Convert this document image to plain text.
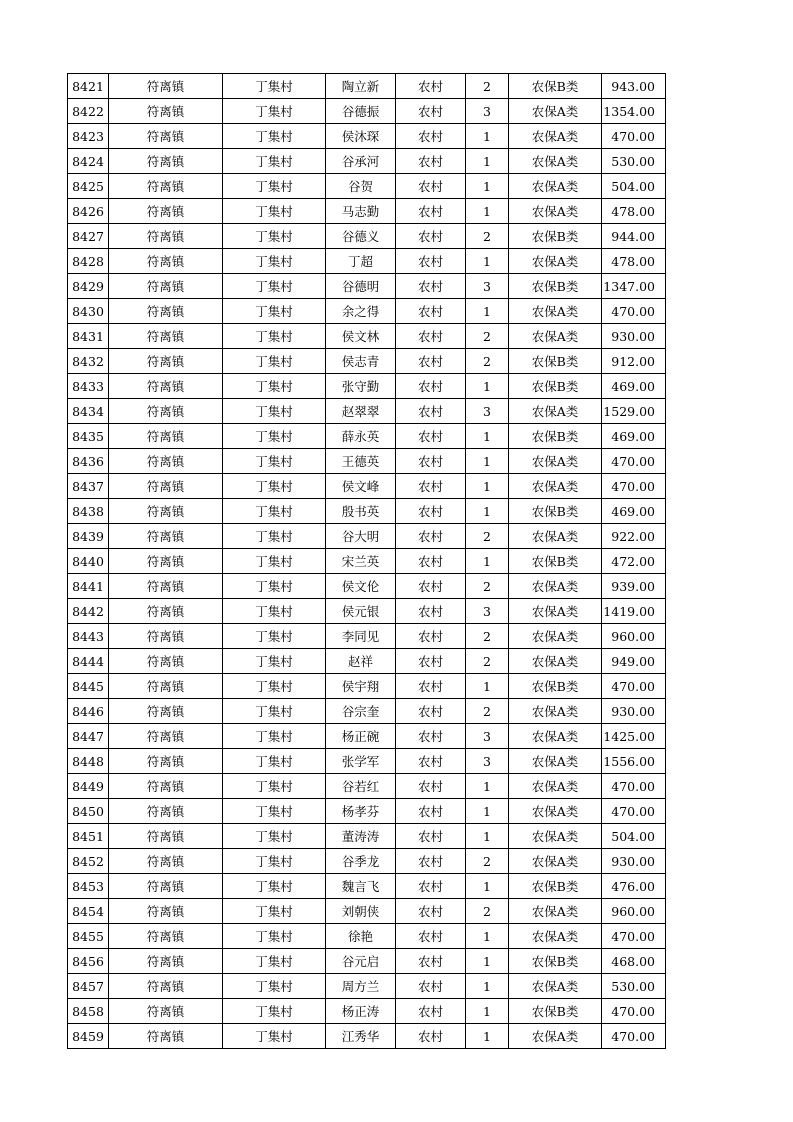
8421	符离镇	丁集村	陶立新	农村	2	农保B类	943.00
8422	符离镇	丁集村	谷德振	农村	3	农保A类	1354.00
8423	符离镇	丁集村	侯沐琛	农村	1	农保A类	470.00
8424	符离镇	丁集村	谷承河	农村	1	农保A类	530.00
8425	符离镇	丁集村	谷贺	农村	1	农保A类	504.00
8426	符离镇	丁集村	马志勤	农村	1	农保A类	478.00
8427	符离镇	丁集村	谷德义	农村	2	农保B类	944.00
8428	符离镇	丁集村	丁超	农村	1	农保A类	478.00
8429	符离镇	丁集村	谷德明	农村	3	农保B类	1347.00
8430	符离镇	丁集村	余之得	农村	1	农保A类	470.00
8431	符离镇	丁集村	侯文林	农村	2	农保A类	930.00
8432	符离镇	丁集村	侯志青	农村	2	农保B类	912.00
8433	符离镇	丁集村	张守勤	农村	1	农保B类	469.00
8434	符离镇	丁集村	赵翠翠	农村	3	农保A类	1529.00
8435	符离镇	丁集村	薛永英	农村	1	农保B类	469.00
8436	符离镇	丁集村	王德英	农村	1	农保A类	470.00
8437	符离镇	丁集村	侯文峰	农村	1	农保A类	470.00
8438	符离镇	丁集村	殷书英	农村	1	农保B类	469.00
8439	符离镇	丁集村	谷大明	农村	2	农保A类	922.00
8440	符离镇	丁集村	宋兰英	农村	1	农保B类	472.00
8441	符离镇	丁集村	侯文伦	农村	2	农保A类	939.00
8442	符离镇	丁集村	侯元银	农村	3	农保A类	1419.00
8443	符离镇	丁集村	李同见	农村	2	农保A类	960.00
8444	符离镇	丁集村	赵祥	农村	2	农保A类	949.00
8445	符离镇	丁集村	侯宇翔	农村	1	农保B类	470.00
8446	符离镇	丁集村	谷宗奎	农村	2	农保A类	930.00
8447	符离镇	丁集村	杨正碗	农村	3	农保A类	1425.00
8448	符离镇	丁集村	张学军	农村	3	农保A类	1556.00
8449	符离镇	丁集村	谷若红	农村	1	农保A类	470.00
8450	符离镇	丁集村	杨孝芬	农村	1	农保A类	470.00
8451	符离镇	丁集村	董涛涛	农村	1	农保A类	504.00
8452	符离镇	丁集村	谷季龙	农村	2	农保A类	930.00
8453	符离镇	丁集村	魏言飞	农村	1	农保B类	476.00
8454	符离镇	丁集村	刘朝侠	农村	2	农保A类	960.00
8455	符离镇	丁集村	徐艳	农村	1	农保A类	470.00
8456	符离镇	丁集村	谷元启	农村	1	农保B类	468.00
8457	符离镇	丁集村	周方兰	农村	1	农保A类	530.00
8458	符离镇	丁集村	杨正涛	农村	1	农保B类	470.00
8459	符离镇	丁集村	江秀华	农村	1	农保A类	470.00
